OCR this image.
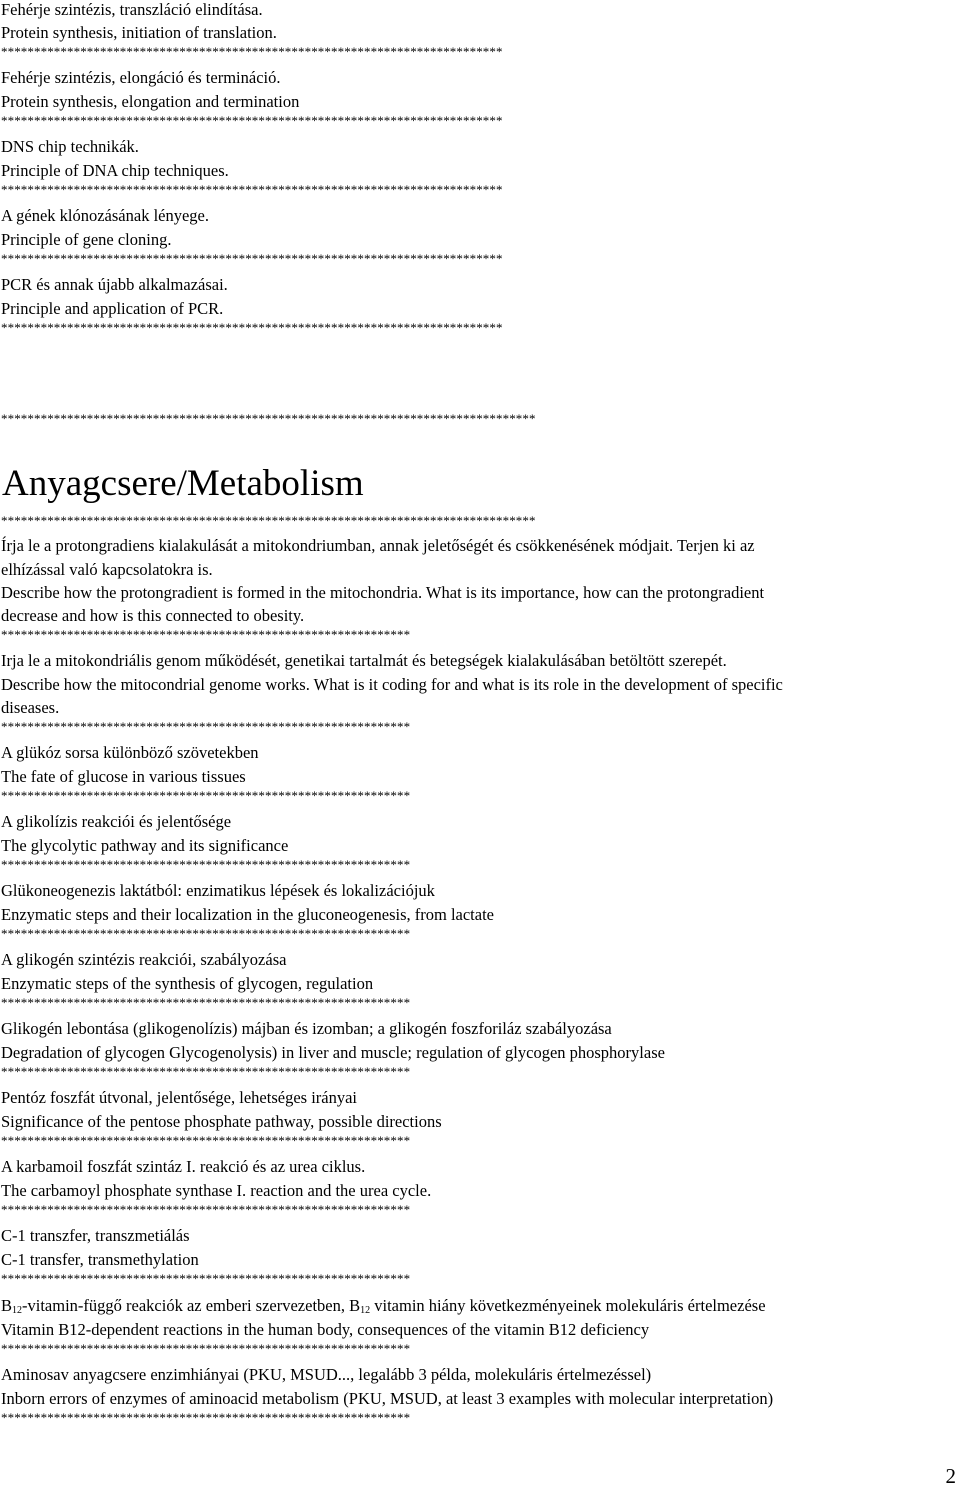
Fehérje szintézis, transzláció elindítása.
Protein synthesis, initiation of translation.
****************************************************************************
Fehérje szintézis, elongáció és termináció.
Protein synthesis, elongation and termination
****************************************************************************
DNS chip technikák.
Principle of DNA chip techniques.
****************************************************************************
A gének klónozásának lényege.
Principle of gene cloning.
****************************************************************************
PCR és annak újabb alkalmazásai.
Principle and application of PCR.
****************************************************************************
*********************************************************************************
Anyagcsere/Metabolism
*********************************************************************************
Írja le a protongradiens kialakulását a mitokondriumban, annak jeletőségét és csökkenésének módjait. Terjen ki az
elhízással való kapcsolatokra is.
Describe how the protongradient is formed in the mitochondria. What is its importance, how can the protongradient
decrease and how is this connected to obesity.
**************************************************************
Irja le a mitokondriális genom működését, genetikai tartalmát és betegségek kialakulásában betöltött szerepét.
Describe how the mitocondrial genome works. What is it coding for and what is its role in the development of specific
diseases.
**************************************************************
A glükóz sorsa különböző szövetekben
The fate of glucose in various tissues
**************************************************************
A glikolízis reakciói és jelentősége
The glycolytic pathway and its significance
**************************************************************
Glükoneogenezis laktátból: enzimatikus lépések és lokalizációjuk
Enzymatic steps and their localization in the gluconeogenesis, from lactate
**************************************************************
A glikogén szintézis reakciói, szabályozása
Enzymatic steps of the synthesis of glycogen, regulation
**************************************************************
Glikogén lebontása (glikogenolízis) májban és izomban; a glikogén foszforiláz szabályozása
Degradation of glycogen Glycogenolysis) in liver and muscle; regulation of glycogen phosphorylase
**************************************************************
Pentóz foszfát útvonal, jelentősége, lehetséges irányai
Significance of the pentose phosphate pathway, possible directions
**************************************************************
A karbamoil foszfát szintáz I. reakció és az urea ciklus.
The carbamoyl phosphate synthase I. reaction and the urea cycle.
**************************************************************
C-1 transzfer, transzmetiálás
C-1 transfer, transmethylation
**************************************************************
$B_{12}-vitamin$-függő reakciók az emberi szervezetben, $B_{12}$ vitamin hiány következményeinek molekuláris értelmezése
Vitamin B12-dependent reactions in the human body, consequences of the vitamin B12 deficiency
**************************************************************
Aminosav anyagcsere enzimhiányai (PKU, MSUD..., legalább 3 példa, molekuláris értelmezéssel)
Inborn errors of enzymes of aminoacid metabolism (PKU, MSUD, at least 3 examples with molecular interpretation)
**************************************************************
2
